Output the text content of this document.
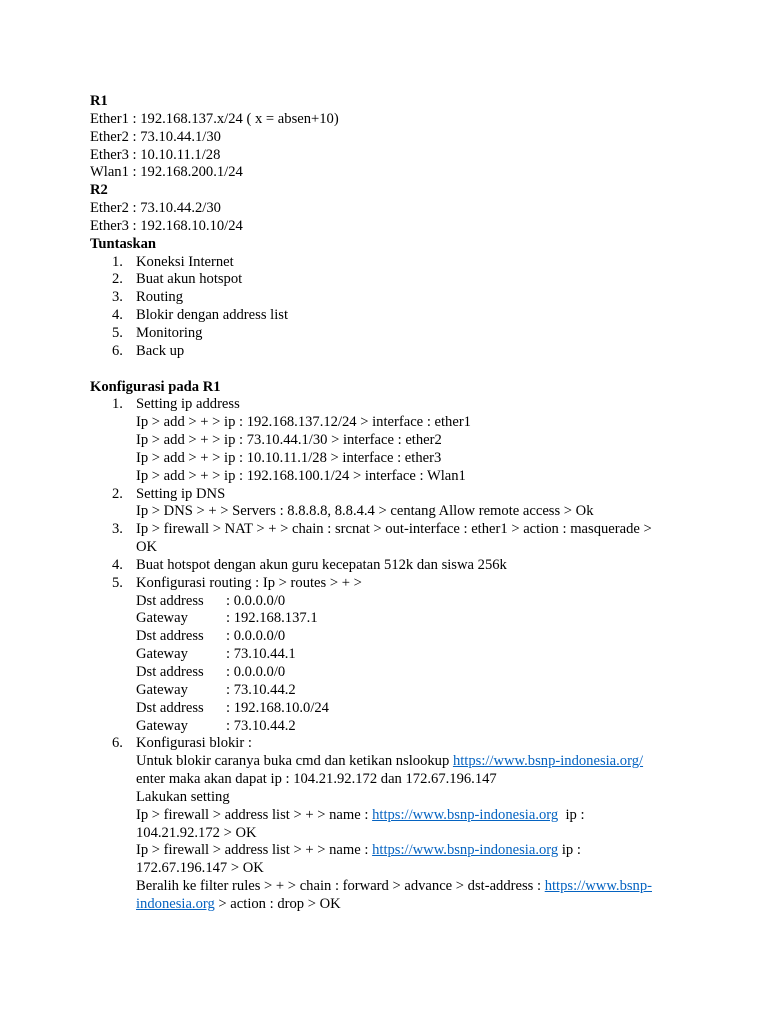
R1
Ether1 : 192.168.137.x/24 ( x = absen+10)
Ether2 : 73.10.44.1/30
Ether3 : 10.10.11.1/28
Wlan1 : 192.168.200.1/24
R2
Ether2 : 73.10.44.2/30
Ether3 : 192.168.10.10/24
Tuntaskan
1. Koneksi Internet
2. Buat akun hotspot
3. Routing
4. Blokir dengan address list
5. Monitoring
6. Back up
Konfigurasi pada R1
1. Setting ip address
Ip > add > + > ip : 192.168.137.12/24 > interface : ether1
Ip > add > + > ip : 73.10.44.1/30 > interface : ether2
Ip > add > + > ip : 10.10.11.1/28 > interface : ether3
Ip > add > + > ip : 192.168.100.1/24 > interface : Wlan1
2. Setting ip DNS
Ip > DNS > + > Servers : 8.8.8.8, 8.8.4.4 > centang Allow remote access > Ok
3. Ip > firewall > NAT > + > chain : srcnat > out-interface : ether1 > action : masquerade >
OK
4. Buat hotspot dengan akun guru kecepatan 512k dan siswa 256k
5. Konfigurasi routing : Ip > routes > + >
Dst address : 0.0.0.0/0
Gateway	: 192.168.137.1
Dst address : 0.0.0.0/0
Gateway	: 73.10.44.1
Dst address : 0.0.0.0/0
Gateway	: 73.10.44.2
Dst address : 192.168.10.0/24
Gateway	: 73.10.44.2
6. Konfigurasi blokir :
Untuk blokir caranya buka cmd dan ketikan nslookup https://www.bsnp-indonesia.org/
enter maka akan dapat ip : 104.21.92.172 dan 172.67.196.147
Lakukan setting
Ip > firewall > address list > + > name : https://www.bsnp-indonesia.org  ip :
104.21.92.172 > OK
Ip > firewall > address list > + > name : https://www.bsnp-indonesia.org ip :
172.67.196.147 > OK
Beralih ke filter rules > + > chain : forward > advance > dst-address : https://www.bsnp-
indonesia.org > action : drop > OK
